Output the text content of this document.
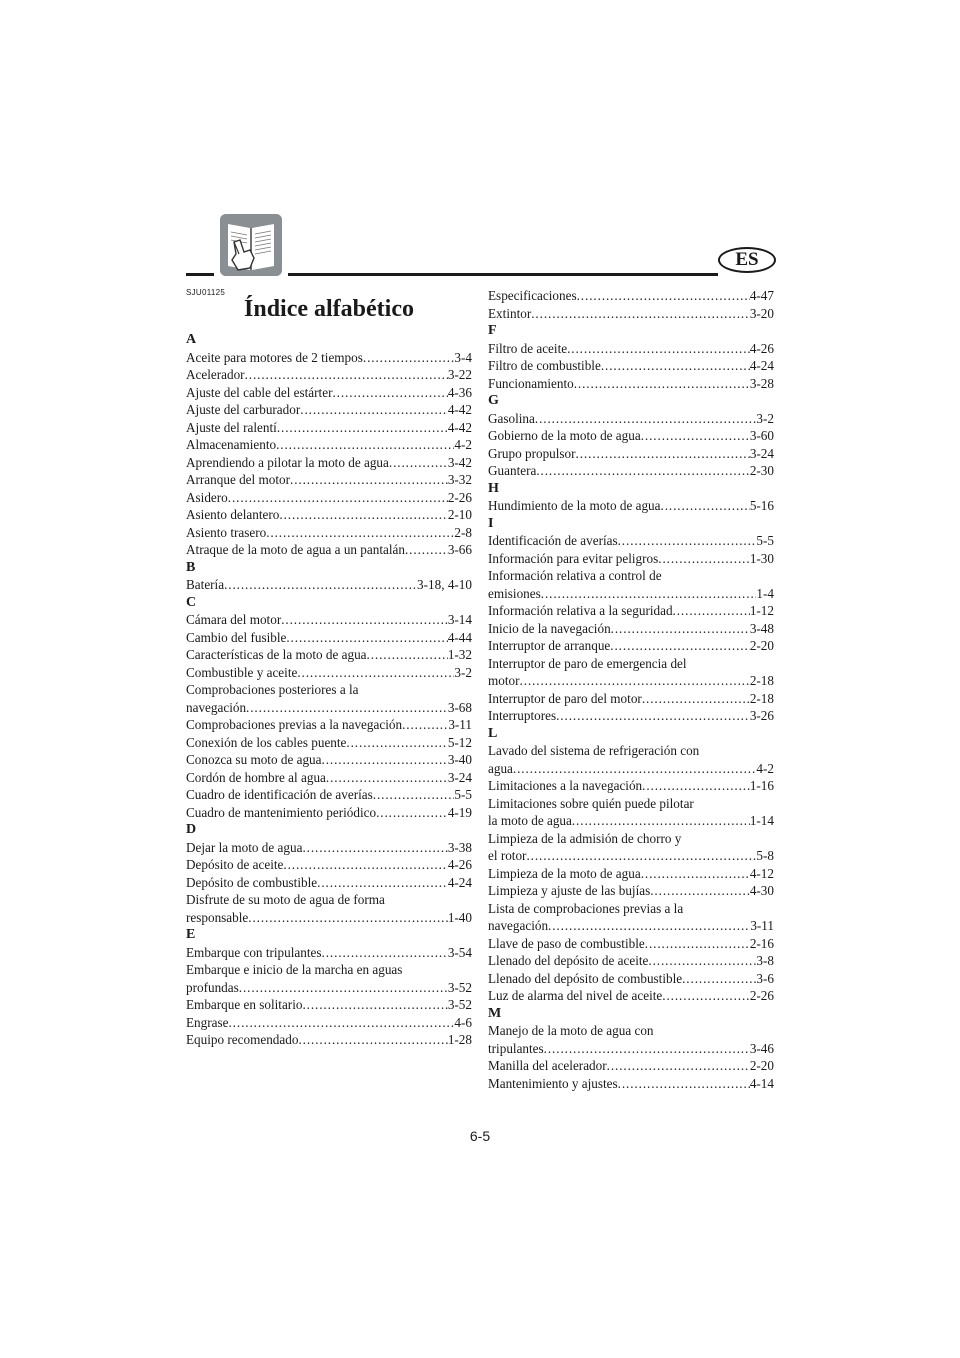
ES
SJU01125
Índice alfabético
A
Aceite para motores de 2 tiempos . . .	3-4
Acelerador . . .	3-22
Ajuste del cable del estárter . . .	4-36
Ajuste del carburador . . .	4-42
Ajuste del ralentí . . .	4-42
Almacenamiento . . .	4-2
Aprendiendo a pilotar la moto de agua . . .	3-42
Arranque del motor . . .	3-32
Asidero . . .	2-26
Asiento delantero . . .	2-10
Asiento trasero . . .	2-8
Atraque de la moto de agua a un pantalán . . .	3-66
B
Batería . . .	3-18, 4-10
C
Cámara del motor . . .	3-14
Cambio del fusible . . .	4-44
Características de la moto de agua . . .	1-32
Combustible y aceite . . .	3-2
Comprobaciones posteriores a la
navegación . . .	3-68
Comprobaciones previas a la navegación . . .	3-11
Conexión de los cables puente . . .	5-12
Conozca su moto de agua . . .	3-40
Cordón de hombre al agua . . .	3-24
Cuadro de identificación de averías . . .	5-5
Cuadro de mantenimiento periódico . . .	4-19
D
Dejar la moto de agua . . .	3-38
Depósito de aceite . . .	4-26
Depósito de combustible . . .	4-24
Disfrute de su moto de agua de forma
responsable . . .	1-40
E
Embarque con tripulantes . . .	3-54
Embarque e inicio de la marcha en aguas
profundas . . .	3-52
Embarque en solitario . . .	3-52
Engrase . . .	4-6
Equipo recomendado . . .	1-28
Especificaciones . . .	4-47
Extintor . . .	3-20
F
Filtro de aceite . . .	4-26
Filtro de combustible . . .	4-24
Funcionamiento . . .	3-28
G
Gasolina . . .	3-2
Gobierno de la moto de agua . . .	3-60
Grupo propulsor . . .	3-24
Guantera . . .	2-30
H
Hundimiento de la moto de agua . . .	5-16
I
Identificación de averías . . .	5-5
Información para evitar peligros . . .	1-30
Información relativa a control de
emisiones . . .	1-4
Información relativa a la seguridad . . .	1-12
Inicio de la navegación . . .	3-48
Interruptor de arranque . . .	2-20
Interruptor de paro de emergencia del
motor . . .	2-18
Interruptor de paro del motor . . .	2-18
Interruptores . . .	3-26
L
Lavado del sistema de refrigeración con
agua . . .	4-2
Limitaciones a la navegación . . .	1-16
Limitaciones sobre quién puede pilotar
la moto de agua . . .	1-14
Limpieza de la admisión de chorro y
el rotor . . .	5-8
Limpieza de la moto de agua . . .	4-12
Limpieza y ajuste de las bujías . . .	4-30
Lista de comprobaciones previas a la
navegación . . .	3-11
Llave de paso de combustible . . .	2-16
Llenado del depósito de aceite . . .	3-8
Llenado del depósito de combustible . . .	3-6
Luz de alarma del nivel de aceite . . .	2-26
M
Manejo de la moto de agua con
tripulantes . . .	3-46
Manilla del acelerador . . .	2-20
Mantenimiento y ajustes . . .	4-14
6-5
